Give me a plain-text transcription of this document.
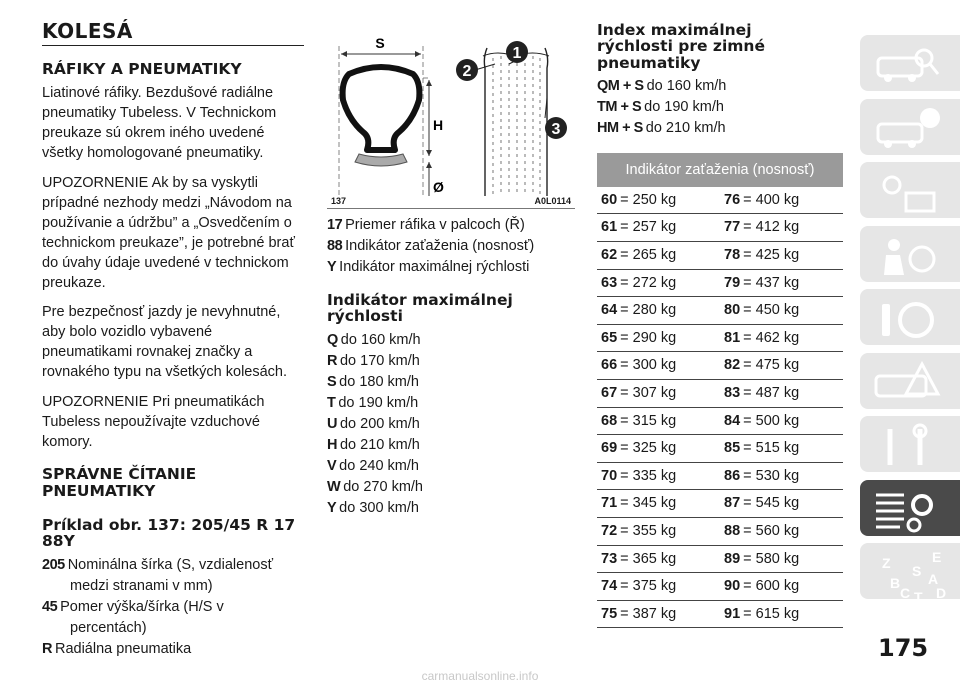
KOLESÁ
RÁFIKY A PNEUMATIKY

Liatinové ráfiky. Bezdušové radiálne pneumatiky Tubeless. V Technickom preukaze sú okrem iného uvedené všetky homologované pneumatiky.

UPOZORNENIE Ak by sa vyskytli prípadné nezhody medzi „Návodom na používanie a údržbu” a „Osvedčením o technickom preukaze”, je potrebné brať do úvahy údaje uvedené v technickom preukaze.

Pre bezpečnosť jazdy je nevyhnutné, aby bolo vozidlo vybavené pneumatikami rovnakej značky a rovnakého typu na všetkých kolesách.

UPOZORNENIE Pri pneumatikách Tubeless nepoužívajte vzduchové komory.

SPRÁVNE ČÍTANIE PNEUMATIKY
Príklad obr. 137: 205/45 R 17 88Y
205 Nominálna šírka (S, vzdialenosť medzi stranami v mm)
45 Pomer výška/šírka (H/S v percentách)
R Radiálna pneumatika
S
H
Ø
1
2
3
137	A0L0114
17 Priemer ráfika v palcoch (Ř)
88 Indikátor zaťaženia (nosnosť)
Y Indikátor maximálnej rýchlosti
Indikátor maximálnej rýchlosti
Q do 160 km/h
R do 170 km/h
S do 180 km/h
T do 190 km/h
U do 200 km/h
H do 210 km/h
V do 240 km/h
W do 270 km/h
Y do 300 km/h
Index maximálnej rýchlosti pre zimné pneumatiky
QM + S do 160 km/h
TM + S do 190 km/h
HM + S do 210 km/h
Indikátor zaťaženia (nosnosť)
60 = 250 kg	76 = 400 kg
61 = 257 kg	77 = 412 kg
62 = 265 kg	78 = 425 kg
63 = 272 kg	79 = 437 kg
64 = 280 kg	80 = 450 kg
65 = 290 kg	81 = 462 kg
66 = 300 kg	82 = 475 kg
67 = 307 kg	83 = 487 kg
68 = 315 kg	84 = 500 kg
69 = 325 kg	85 = 515 kg
70 = 335 kg	86 = 530 kg
71 = 345 kg	87 = 545 kg
72 = 355 kg	88 = 560 kg
73 = 365 kg	89 = 580 kg
74 = 375 kg	90 = 600 kg
75 = 387 kg	91 = 615 kg
Z	E
B
S A
C T D
175
carmanualsonline.info
